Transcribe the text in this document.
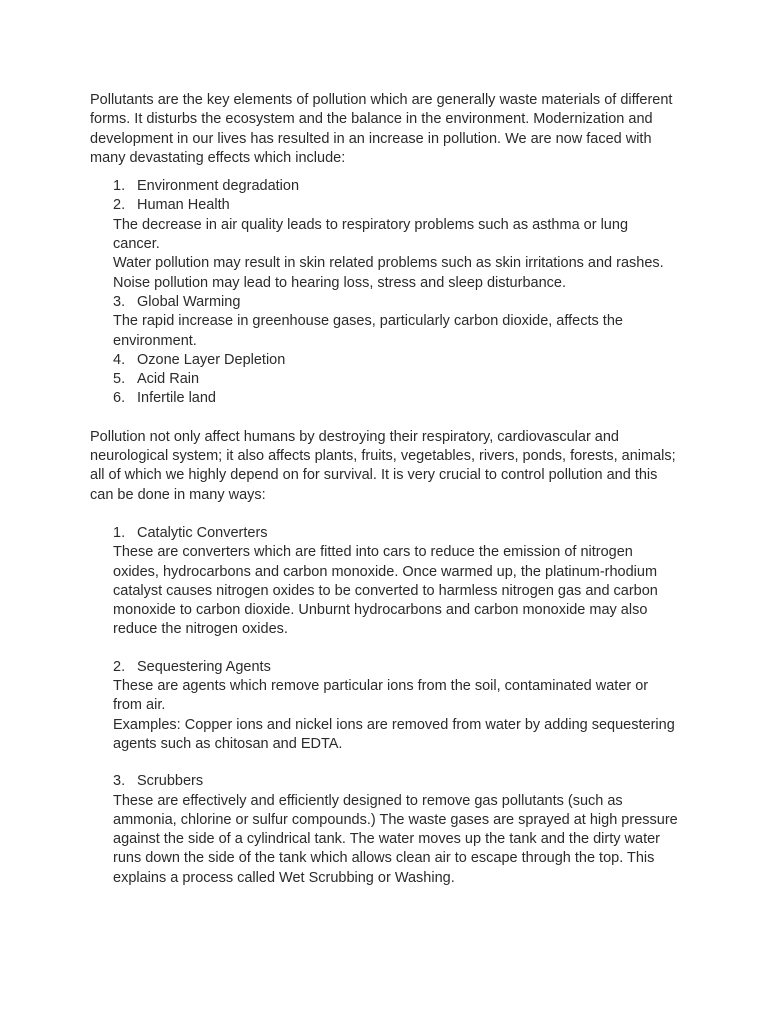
Pollutants are the key elements of pollution which are generally waste materials of different forms. It disturbs the ecosystem and the balance in the environment. Modernization and development in our lives has resulted in an increase in pollution. We are now faced with many devastating effects which include:

1. Environment degradation
2. Human Health
The decrease in air quality leads to respiratory problems such as asthma or lung cancer.
Water pollution may result in skin related problems such as skin irritations and rashes.
Noise pollution may lead to hearing loss, stress and sleep disturbance.
3. Global Warming
The rapid increase in greenhouse gases, particularly carbon dioxide, affects the environment.
4. Ozone Layer Depletion
5. Acid Rain
6. Infertile land

Pollution not only affect humans by destroying their respiratory, cardiovascular and neurological system; it also affects plants, fruits, vegetables, rivers, ponds, forests, animals; all of which we highly depend on for survival. It is very crucial to control pollution and this can be done in many ways:

1. Catalytic Converters

These are converters which are fitted into cars to reduce the emission of nitrogen oxides, hydrocarbons and carbon monoxide. Once warmed up, the platinum-rhodium catalyst causes nitrogen oxides to be converted to harmless nitrogen gas and carbon monoxide to carbon dioxide. Unburnt hydrocarbons and carbon monoxide may also reduce the nitrogen oxides.

2. Sequestering Agents

These are agents which remove particular ions from the soil, contaminated water or from air.

Examples: Copper ions and nickel ions are removed from water by adding sequestering agents such as chitosan and EDTA.

3. Scrubbers

These are effectively and efficiently designed to remove gas pollutants (such as ammonia, chlorine or sulfur compounds.) The waste gases are sprayed at high pressure against the side of a cylindrical tank. The water moves up the tank and the dirty water runs down the side of the tank which allows clean air to escape through the top. This explains a process called Wet Scrubbing or Washing.
